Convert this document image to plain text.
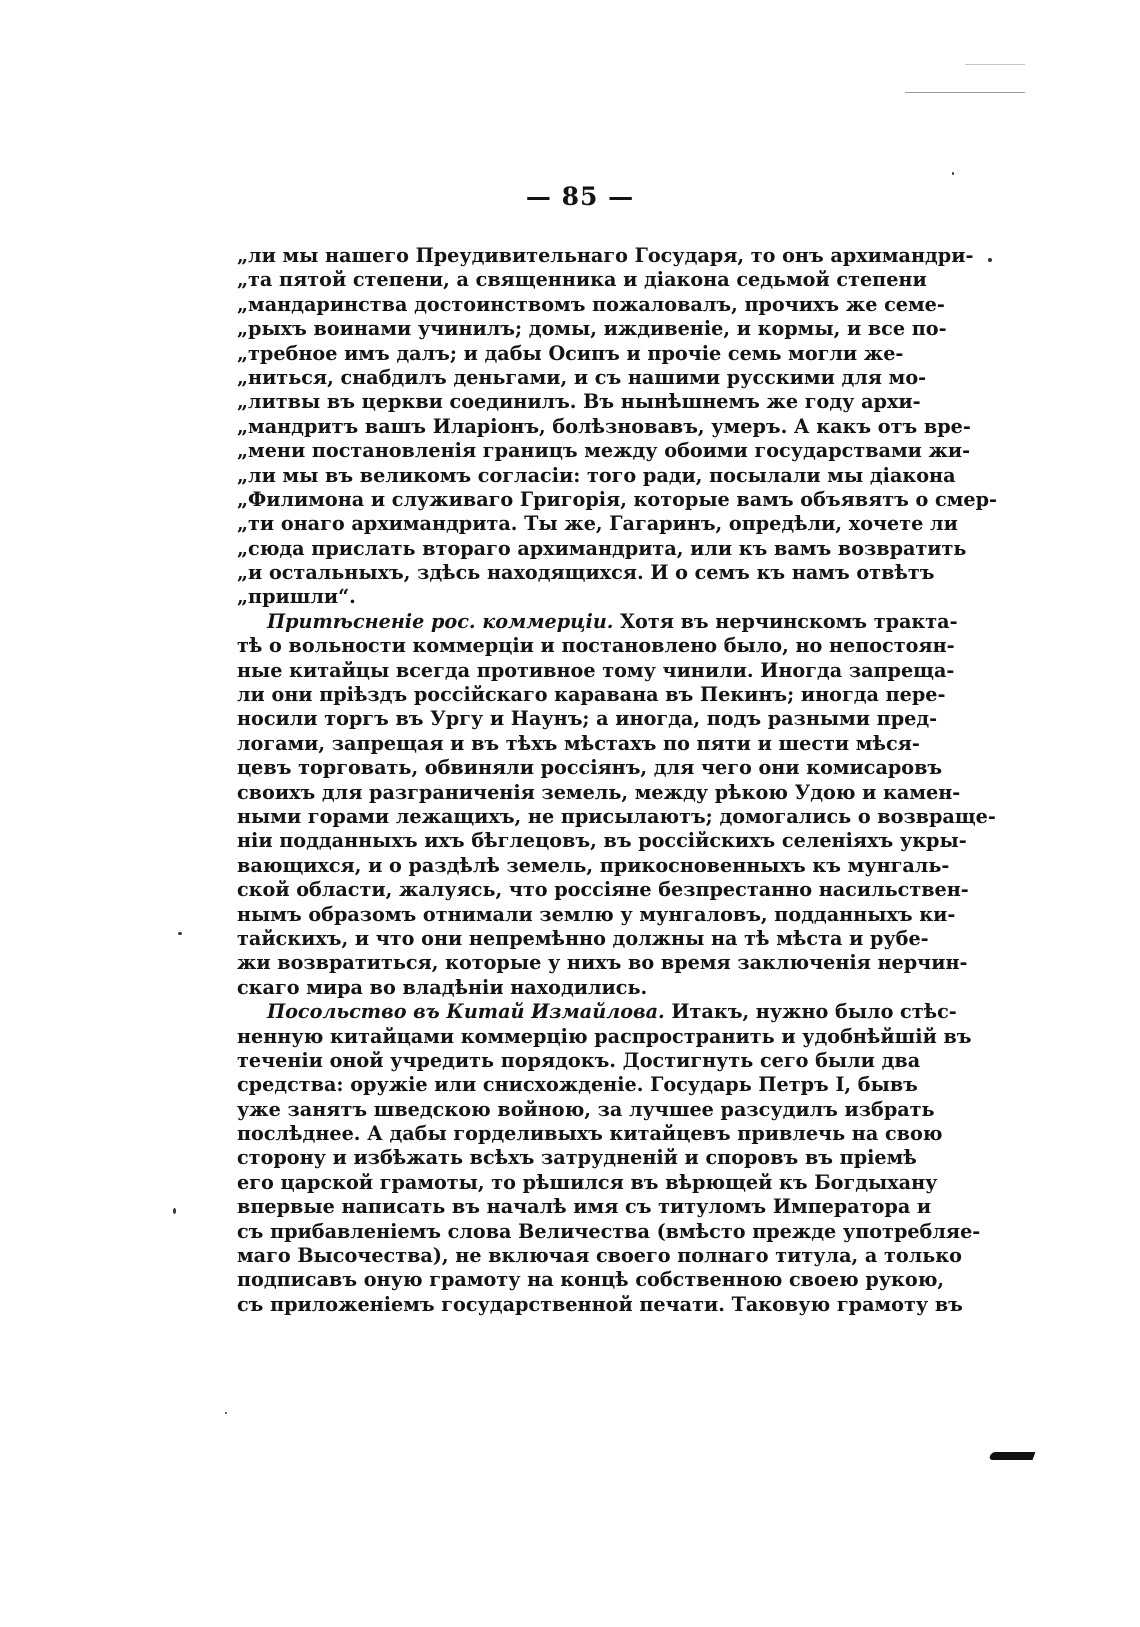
— 85 —
„ли мы нашего Преудивительнаго Государя, то онъ архимандри-
„та пятой степени, а священника и діакона седьмой степени
„мандаринства достоинствомъ пожаловалъ, прочихъ же семе-
„рыхъ воинами учинилъ; домы, иждивеніе, и кормы, и все по-
„требное имъ далъ; и дабы Осипъ и прочіе семь могли же-
„ниться, снабдилъ деньгами, и съ нашими русскими для мо-
„литвы въ церкви соединилъ. Въ нынѣшнемъ же году архи-
„мандритъ вашъ Иларіонъ, болѣзновавъ, умеръ. А какъ отъ вре-
„мени постановленія границъ между обоими государствами жи-
„ли мы въ великомъ согласіи: того ради, посылали мы діакона
„Филимона и служиваго Григорія, которые вамъ объявятъ о смер-
„ти онаго архимандрита. Ты же, Гагаринъ, опредѣли, хочете ли
„сюда прислать втораго архимандрита, или къ вамъ возвратить
„и остальныхъ, здѣсь находящихся. И о семъ къ намъ отвѣтъ
„пришли“.
Притѣсненіе рос. коммерціи. Хотя въ нерчинскомъ трактa-
тѣ о вольности коммерціи и постановлено было, но непостоян-
ные китайцы всегда противное тому чинили. Иногда запреща-
ли они пріѣздъ россійскаго каравана въ Пекинъ; иногда пере-
носили торгъ въ Ургу и Наунъ; а иногда, подъ разными пред-
логами, запрещая и въ тѣхъ мѣстахъ по пяти и шести мѣся-
цевъ торговать, обвиняли россіянъ, для чего они комисаровъ
своихъ для разграниченія земель, между рѣкою Удою и камен-
ными горами лежащихъ, не присылаютъ; домогались о возвраще-
ніи подданныхъ ихъ бѣглецовъ, въ россійскихъ селеніяхъ укры-
вающихся, и о раздѣлѣ земель, прикосновенныхъ къ мунгаль-
ской области, жалуясь, что россіяне безпрестанно насильствен-
нымъ образомъ отнимали землю у мунгаловъ, подданныхъ ки-
тайскихъ, и что они непремѣнно должны на тѣ мѣста и рубе-
жи возвратиться, которые у нихъ во время заключенія нерчин-
скаго мира во владѣніи находились.
Посольство въ Китай Измайлова. Итакъ, нужно было стѣс-
ненную китайцами коммерцію распространить и удобнѣйшій въ
теченіи оной учредить порядокъ. Достигнуть сего были два
средства: оружіе или снисхожденіе. Государь Петръ I, бывъ
уже занятъ шведскою войною, за лучшее разсудилъ избрать
послѣднее. А дабы горделивыхъ китайцевъ привлечь на свою
сторону и избѣжать всѣхъ затрудненій и споровъ въ пріемѣ
его царской грамоты, то рѣшился въ вѣрющей къ Богдыхану
впервые написать въ началѣ имя съ титуломъ Императора и
съ прибавленіемъ слова Величества (вмѣсто прежде употребляе-
маго Высочества), не включая своего полнаго титула, а только
подписавъ оную грамоту на концѣ собственною своею рукою,
съ приложеніемъ государственной печати. Таковую грамоту въ
